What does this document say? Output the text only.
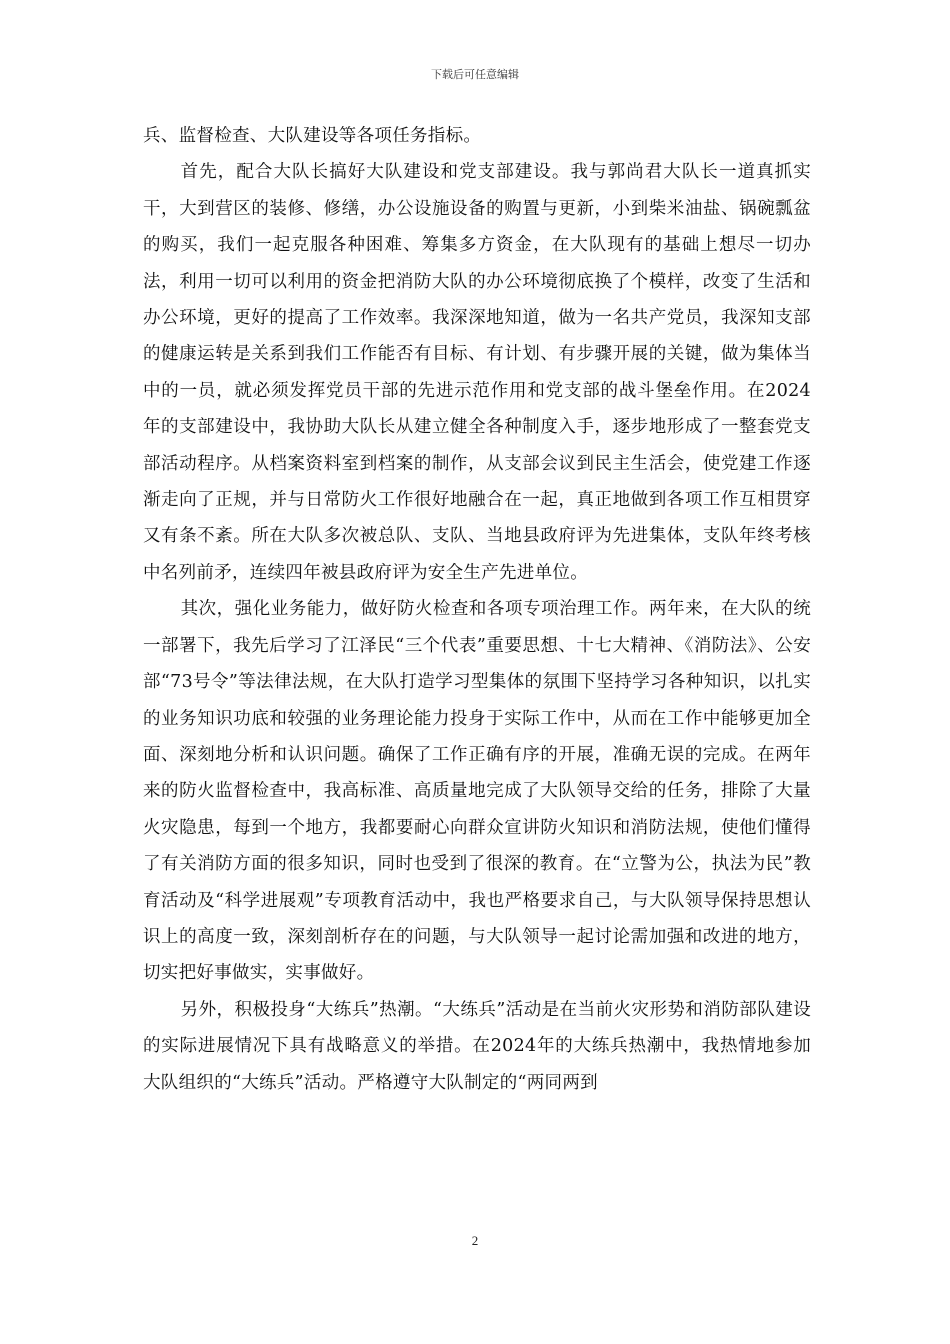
下载后可任意编辑

兵、监督检查、大队建设等各项任务指标。

首先，配合大队长搞好大队建设和党支部建设。我与郭尚君大队长一道真抓实干，大到营区的装修、修缮，办公设施设备的购置与更新，小到柴米油盐、锅碗瓢盆的购买，我们一起克服各种困难、筹集多方资金，在大队现有的基础上想尽一切办法，利用一切可以利用的资金把消防大队的办公环境彻底换了个模样，改变了生活和办公环境，更好的提高了工作效率。我深深地知道，做为一名共产党员，我深知支部的健康运转是关系到我们工作能否有目标、有计划、有步骤开展的关键，做为集体当中的一员，就必须发挥党员干部的先进示范作用和党支部的战斗堡垒作用。在2024年的支部建设中，我协助大队长从建立健全各种制度入手，逐步地形成了一整套党支部活动程序。从档案资料室到档案的制作，从支部会议到民主生活会，使党建工作逐渐走向了正规，并与日常防火工作很好地融合在一起，真正地做到各项工作互相贯穿又有条不紊。所在大队多次被总队、支队、当地县政府评为先进集体，支队年终考核中名列前矛，连续四年被县政府评为安全生产先进单位。

其次，强化业务能力，做好防火检查和各项专项治理工作。两年来，在大队的统一部署下，我先后学习了江泽民“三个代表”重要思想、十七大精神、《消防法》、公安部“73号令”等法律法规，在大队打造学习型集体的氛围下坚持学习各种知识，以扎实的业务知识功底和较强的业务理论能力投身于实际工作中，从而在工作中能够更加全面、深刻地分析和认识问题。确保了工作正确有序的开展，准确无误的完成。在两年来的防火监督检查中，我高标准、高质量地完成了大队领导交给的任务，排除了大量火灾隐患，每到一个地方，我都要耐心向群众宣讲防火知识和消防法规，使他们懂得了有关消防方面的很多知识，同时也受到了很深的教育。在“立警为公，执法为民”教育活动及“科学进展观”专项教育活动中，我也严格要求自己，与大队领导保持思想认识上的高度一致，深刻剖析存在的问题，与大队领导一起讨论需加强和改进的地方，切实把好事做实，实事做好。

另外，积极投身“大练兵”热潮。“大练兵”活动是在当前火灾形势和消防部队建设的实际进展情况下具有战略意义的举措。在2024年的大练兵热潮中，我热情地参加大队组织的“大练兵”活动。严格遵守大队制定的“两同两到

2
